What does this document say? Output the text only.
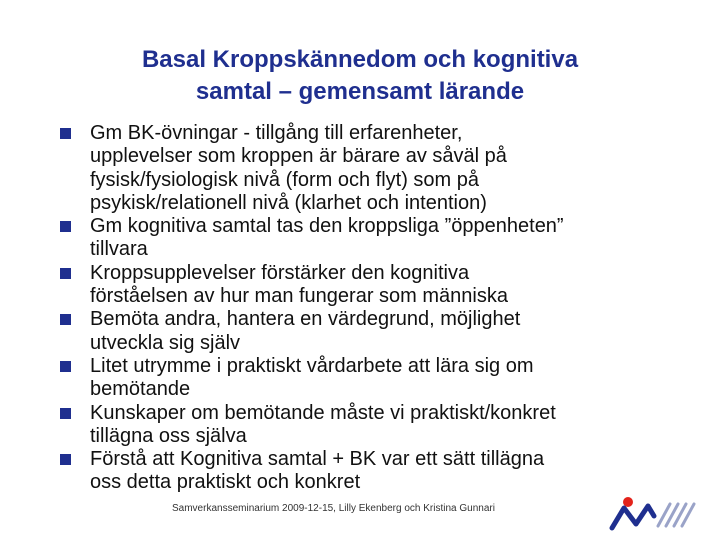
Basal Kroppskännedom och kognitiva
samtal – gemensamt lärande
Gm BK-övningar - tillgång till erfarenheter,
upplevelser som kroppen är bärare av såväl på
fysisk/fysiologisk nivå (form och flyt) som på
psykisk/relationell nivå (klarhet och intention)
Gm kognitiva samtal tas den kroppsliga ”öppenheten”
tillvara
Kroppsupplevelser förstärker den kognitiva
förståelsen av hur man fungerar som människa
Bemöta andra, hantera en värdegrund, möjlighet
utveckla sig själv
Litet utrymme i praktiskt vårdarbete att lära sig om
bemötande
Kunskaper om bemötande måste vi praktiskt/konkret
tillägna oss själva
Förstå att Kognitiva samtal + BK var ett sätt tillägna
oss detta praktiskt och konkret
Samverkansseminarium 2009-12-15, Lilly Ekenberg och Kristina Gunnari
